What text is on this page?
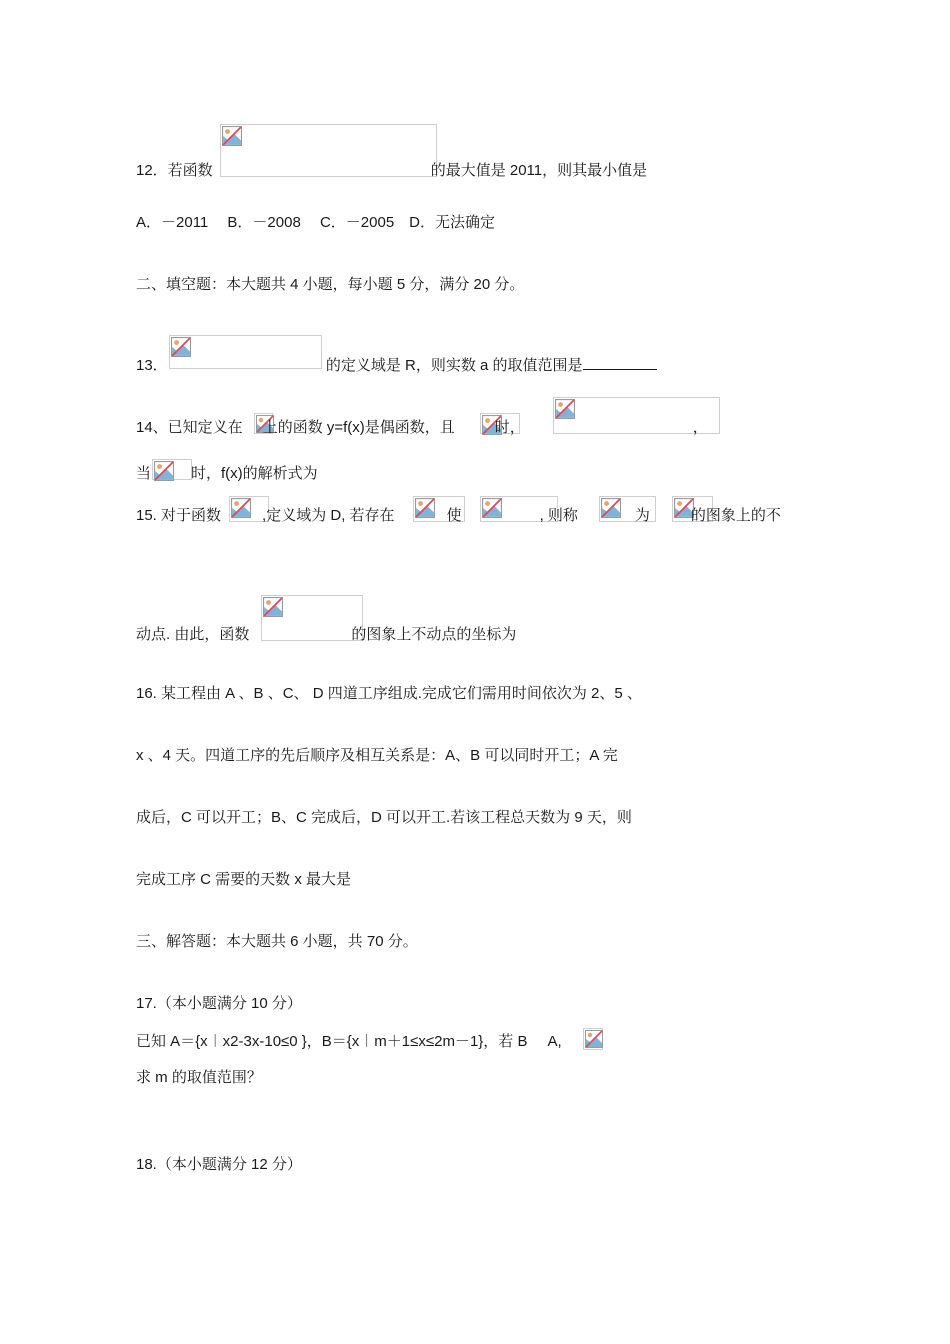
12．若函数	的最大值是 2011，则其最小值是
A．－2011　 B．－2008　 C．－2005　D．无法确定
二、填空题：本大题共 4 小题，每小题 5 分，满分 20 分。
13．	的定义域是 R，则实数 a 的取值范围是
14、已知定义在 上的函数 y=f(x)是偶函数，且	时，	，
当	时，f(x)的解析式为
15. 对于函数	,定义域为 D, 若存在	使	, 则称	为	的图象上的不
动点. 由此，函数	的图象上不动点的坐标为
16. 某工程由 A 、B 、C、 D 四道工序组成.完成它们需用时间依次为 2、5 、
x 、4 天。四道工序的先后顺序及相互关系是：A、B 可以同时开工；A 完
成后，C 可以开工；B、C 完成后，D 可以开工.若该工程总天数为 9 天，则
完成工序 C 需要的天数 x 最大是
三、解答题：本大题共 6 小题，共 70 分。
17.（本小题满分 10 分）
已知 A＝{x︱x2-3x-10≤0 }，B＝{x︱m＋1≤x≤2m－1}，若 B A,
求 m 的取值范围？
18.（本小题满分 12 分）
